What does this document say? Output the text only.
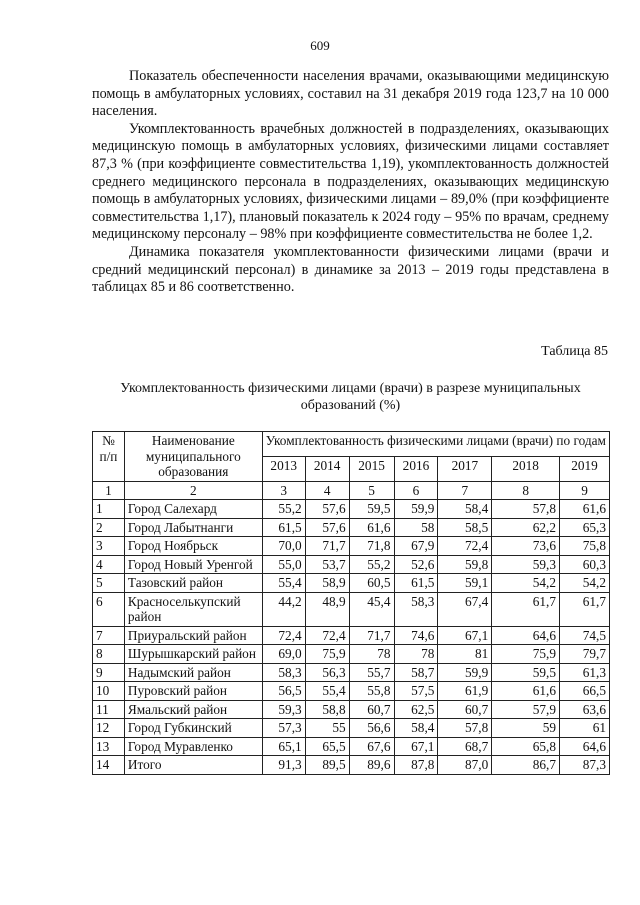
609

Показатель обеспеченности населения врачами, оказывающими медицинскую помощь в амбулаторных условиях, составил на 31 декабря 2019 года 123,7 на 10 000 населения.

Укомплектованность врачебных должностей в подразделениях, оказывающих медицинскую помощь в амбулаторных условиях, физическими лицами составляет 87,3 % (при коэффициенте совместительства 1,19), укомплектованность должностей среднего медицинского персонала в подразделениях, оказывающих медицинскую помощь в амбулаторных условиях, физическими лицами – 89,0% (при коэффициенте совместительства 1,17), плановый показатель к 2024 году – 95% по врачам, среднему медицинскому персоналу – 98% при коэффициенте совместительства не более 1,2.

Динамика показателя укомплектованности физическими лицами (врачи и средний медицинский персонал) в динамике за 2013 – 2019 годы представлена в таблицах 85 и 86 соответственно.

Таблица 85
Укомплектованность физическими лицами (врачи) в разрезе муниципальных образований (%)
№ п/п	Наименование муниципального образования	Укомплектованность физическими лицами (врачи) по годам						
		2013	2014	2015	2016	2017	2018	2019
1	2	3	4	5	6	7	8	9
1	Город Салехард	55,2	57,6	59,5	59,9	58,4	57,8	61,6
2	Город Лабытнанги	61,5	57,6	61,6	58	58,5	62,2	65,3
3	Город Ноябрьск	70,0	71,7	71,8	67,9	72,4	73,6	75,8
4	Город Новый Уренгой	55,0	53,7	55,2	52,6	59,8	59,3	60,3
5	Тазовский район	55,4	58,9	60,5	61,5	59,1	54,2	54,2
6	Красноселькупский район	44,2	48,9	45,4	58,3	67,4	61,7	61,7
7	Приуральский район	72,4	72,4	71,7	74,6	67,1	64,6	74,5
8	Шурышкарский район	69,0	75,9	78	78	81	75,9	79,7
9	Надымский район	58,3	56,3	55,7	58,7	59,9	59,5	61,3
10	Пуровский район	56,5	55,4	55,8	57,5	61,9	61,6	66,5
11	Ямальский район	59,3	58,8	60,7	62,5	60,7	57,9	63,6
12	Город Губкинский	57,3	55	56,6	58,4	57,8	59	61
13	Город Муравленко	65,1	65,5	67,6	67,1	68,7	65,8	64,6
14	Итого	91,3	89,5	89,6	87,8	87,0	86,7	87,3
